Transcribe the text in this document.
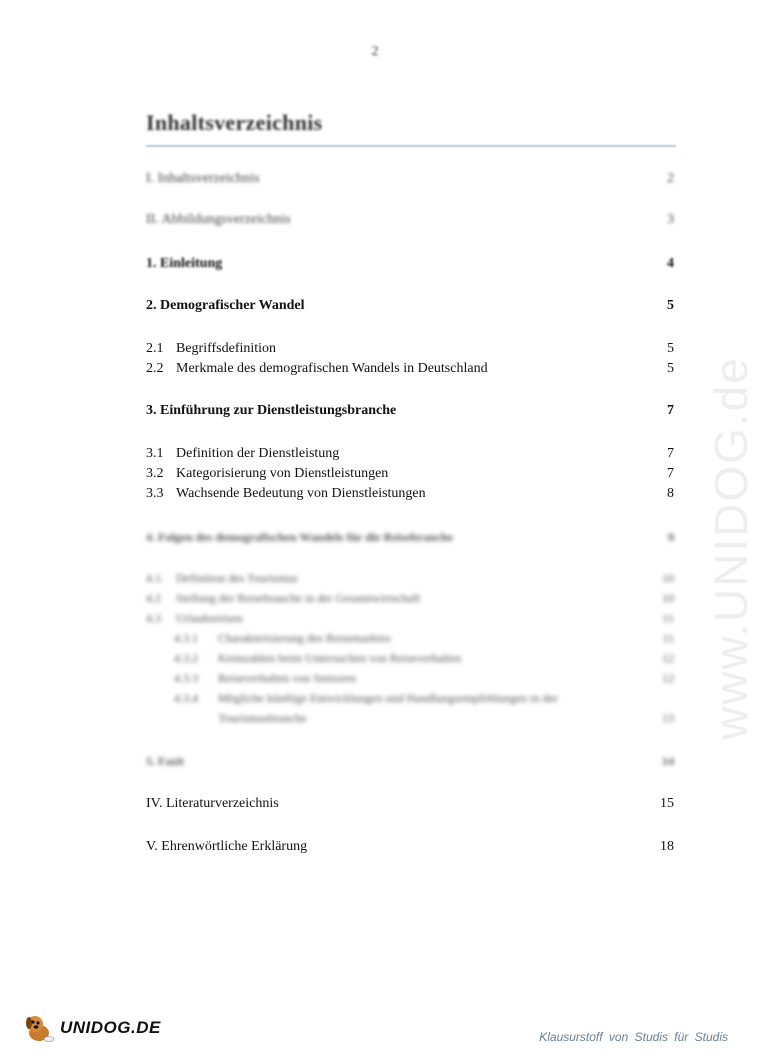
2
Inhaltsverzeichnis
I. Inhaltsverzeichnis	2
II. Abbildungsverzeichnis	3
1. Einleitung	4
2. Demografischer Wandel	5
2.1 Begriffsdefinition	5
2.2 Merkmale des demografischen Wandels in Deutschland	5
3. Einführung zur Dienstleistungsbranche	7
3.1 Definition der Dienstleistung	7
3.2 Kategorisierung von Dienstleistungen	7
3.3 Wachsende Bedeutung von Dienstleistungen	8
4. Folgen des demografischen Wandels für die Reisebranche	9
4.1. Definition des Tourismus	10
4.2 Stellung der Reisebranche in der Gesamtwirtschaft	10
4.3 Urlaubsreisen	11
4.3.1 Charakterisierung des Reisemarktes	11
4.3.2 Kennzahlen beim Untersuchen von Reiseverhalten	12
4.3.3 Reiseverhalten von Senioren	12
4.3.4 Mögliche künftige Entwicklungen und Handlungsempfehlungen in der
Tourismusbranche	13
5. Fazit	14
IV. Literaturverzeichnis	15
V. Ehrenwörtliche Erklärung	18
www.UNIDOG.de
UNIDOG.DE	Klausurstoff von Studis für Studis
